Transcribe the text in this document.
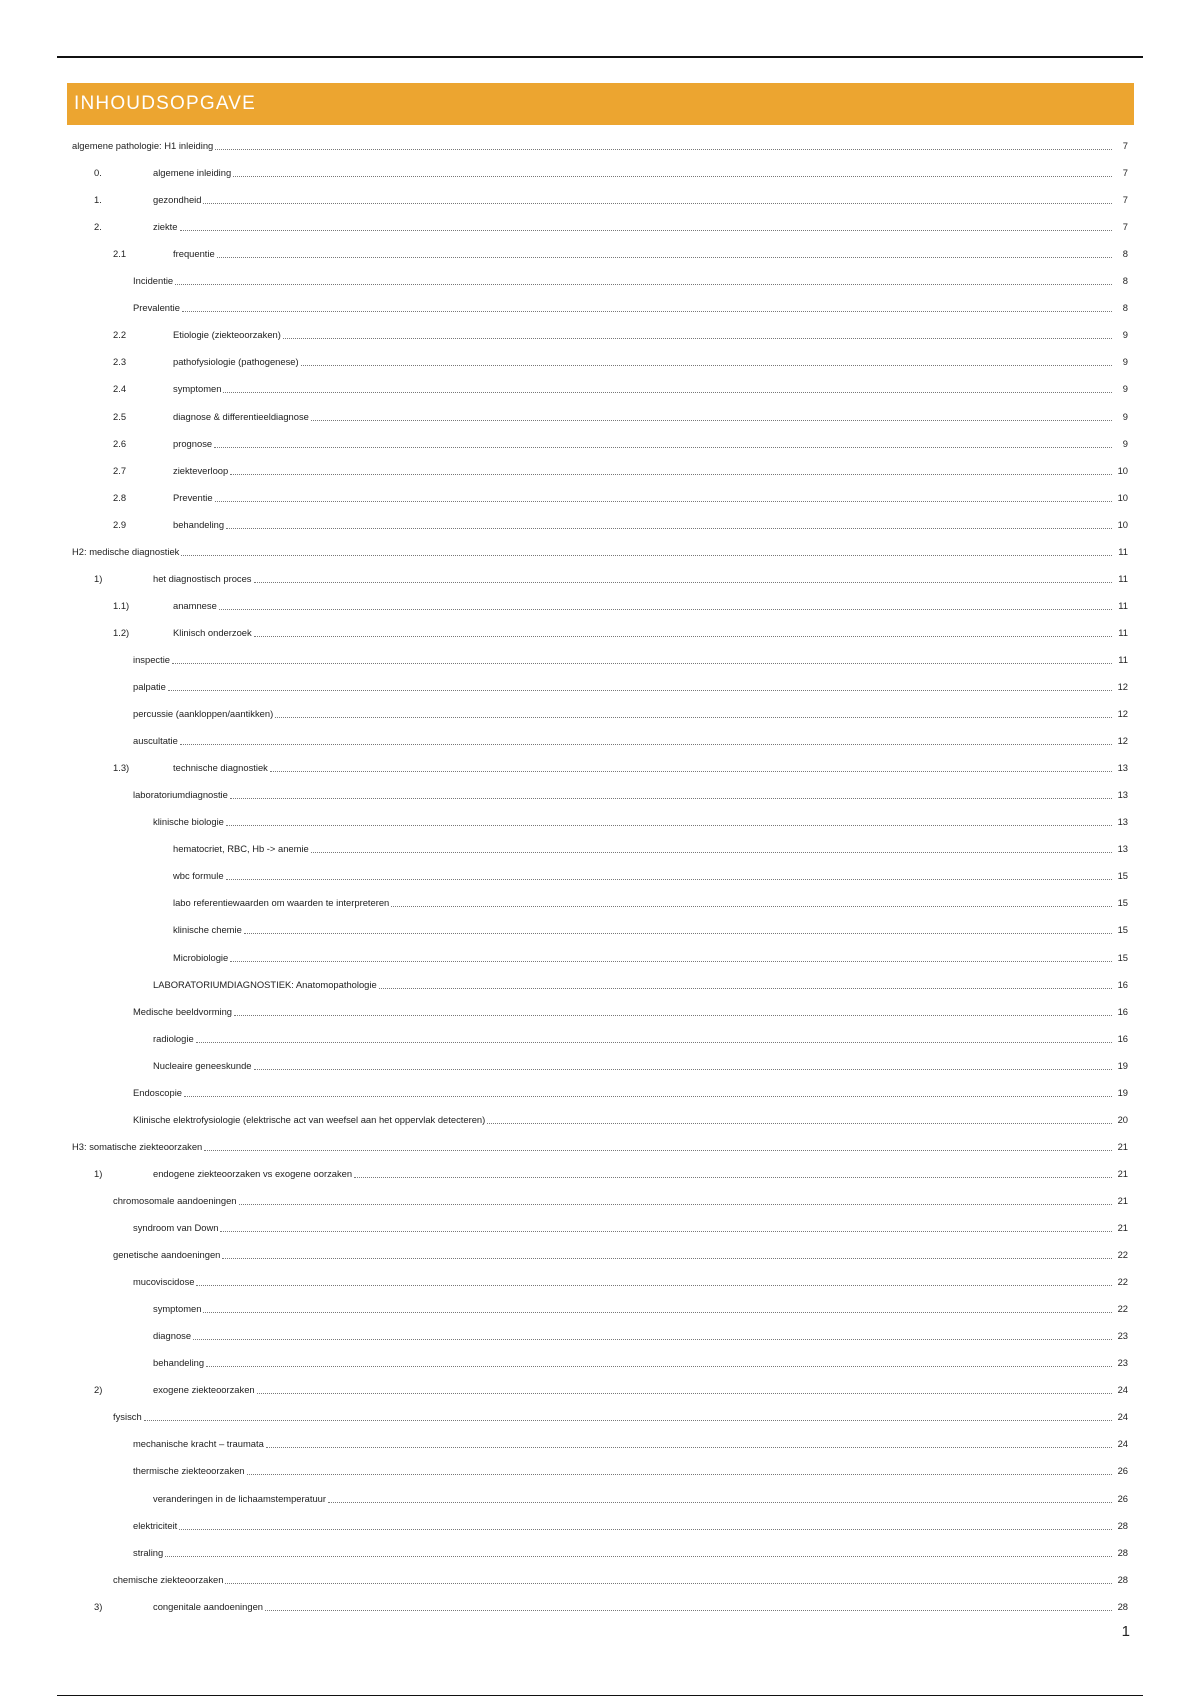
INHOUDSOPGAVE
algemene pathologie: H1 inleiding	7
0.	algemene inleiding	7
1.	gezondheid	7
2.	ziekte	7
2.1	frequentie	8
Incidentie	8
Prevalentie	8
2.2	Etiologie (ziekteoorzaken)	9
2.3	pathofysiologie (pathogenese)	9
2.4	symptomen	9
2.5	diagnose & differentieeldiagnose	9
2.6	prognose	9
2.7	ziekteverloop	10
2.8	Preventie	10
2.9	behandeling	10
H2: medische diagnostiek	11
1)	het diagnostisch proces	11
1.1)	anamnese	11
1.2)	Klinisch onderzoek	11
inspectie	11
palpatie	12
percussie (aankloppen/aantikken)	12
auscultatie	12
1.3)	technische diagnostiek	13
laboratoriumdiagnostie	13
klinische biologie	13
hematocriet, RBC, Hb -> anemie	13
wbc formule	15
labo referentiewaarden om waarden te interpreteren	15
klinische chemie	15
Microbiologie	15
LABORATORIUMDIAGNOSTIEK: Anatomopathologie	16
Medische beeldvorming	16
radiologie	16
Nucleaire geneeskunde	19
Endoscopie	19
Klinische elektrofysiologie (elektrische act van weefsel aan het oppervlak detecteren)	20
H3: somatische ziekteoorzaken	21
1)	endogene ziekteoorzaken vs exogene oorzaken	21
chromosomale aandoeningen	21
syndroom van Down	21
genetische aandoeningen	22
mucoviscidose	22
symptomen	22
diagnose	23
behandeling	23
2)	exogene ziekteoorzaken	24
fysisch	24
mechanische kracht – traumata	24
thermische ziekteoorzaken	26
veranderingen in de lichaamstemperatuur	26
elektriciteit	28
straling	28
chemische ziekteoorzaken	28
3)	congenitale aandoeningen	28
1
